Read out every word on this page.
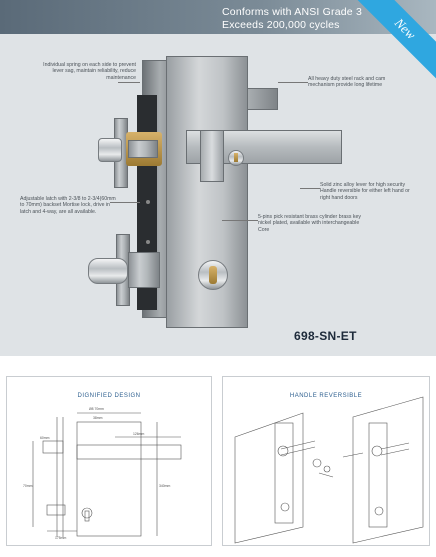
Conforms with ANSI Grade 3
Exceeds 200,000 cycles	New
Individual spring on each side to prevent lever sag, maintain reliability, reduce maintenance	All heavy duty steel rack and cam mechanism provide long lifetime
Adjustable latch with 2-3/8 to 2-3/4(60mm to 70mm) backset Mortise lock, drive in latch and 4-way, are all available.
Solid zinc alloy lever for high security Handle reversible for either left hand or right hand doors
5-pins pick resistant brass cylinder brass key nickel plated, available with interchangeable Core
698-SN-ET
DIGNIFIED DESIGN
Ø8 70mm
38mm
126mm
60mm
70mm	340mm
175mm
HANDLE REVERSIBLE
